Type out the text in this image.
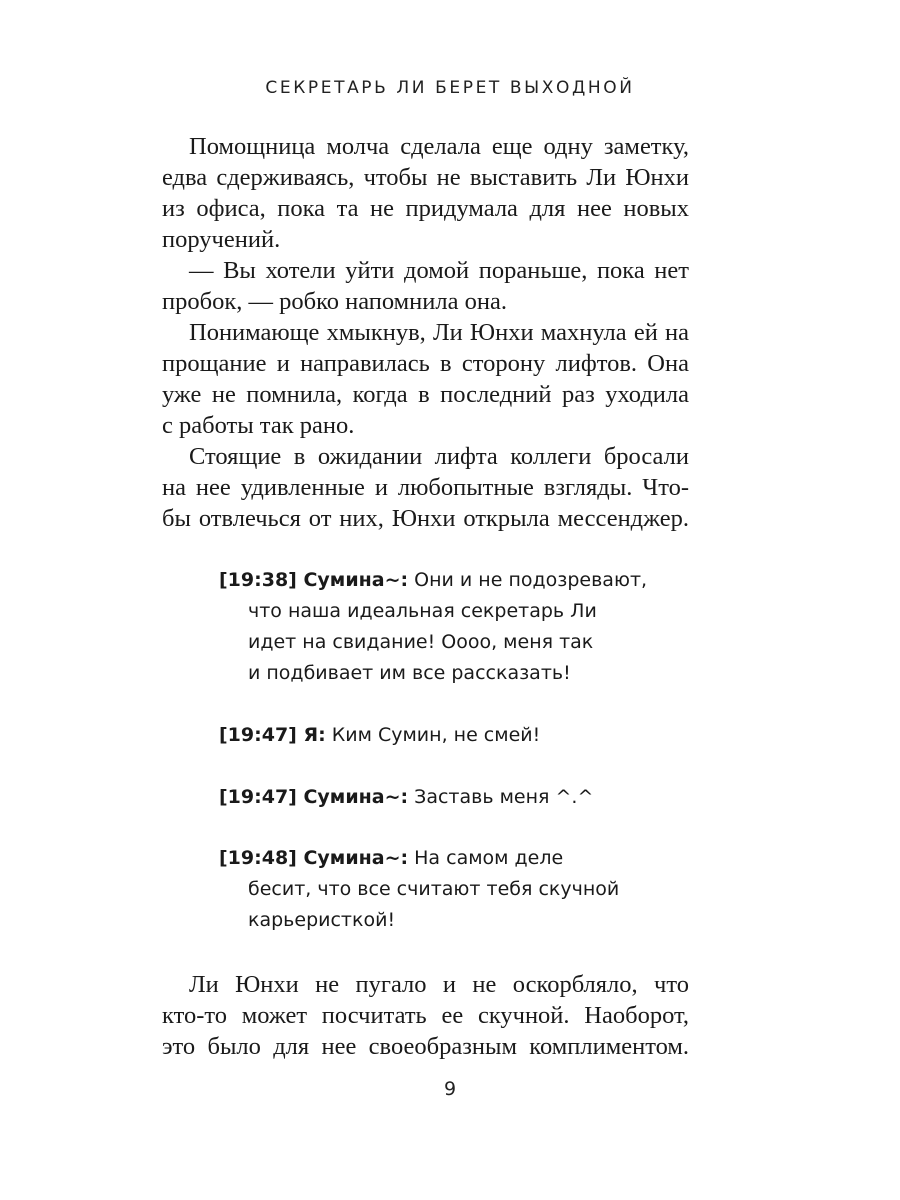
СЕКРЕТАРЬ ЛИ БЕРЕТ ВЫХОДНОЙ
Помощница молча сделала еще одну заметку,
едва сдерживаясь, чтобы не выставить Ли Юнхи
из офиса, пока та не придумала для нее новых
поручений.
— Вы хотели уйти домой пораньше, пока нет
пробок, — робко напомнила она.
Понимающе хмыкнув, Ли Юнхи махнула ей на
прощание и направилась в сторону лифтов. Она
уже не помнила, когда в последний раз уходила
с работы так рано.
Стоящие в ожидании лифта коллеги бросали
на нее удивленные и любопытные взгляды. Что-
бы отвлечься от них, Юнхи открыла мессенджер.
[19:38] Сумина~: Они и не подозревают,
что наша идеальная секретарь Ли
идет на свидание! Оооо, меня так
и подбивает им все рассказать!
[19:47] Я: Ким Сумин, не смей!
[19:47] Сумина~: Заставь меня ^.^
[19:48] Сумина~: На самом деле
бесит, что все считают тебя скучной
карьеристкой!
Ли Юнхи не пугало и не оскорбляло, что
кто-то может посчитать ее скучной. Наоборот,
это было для нее своеобразным комплиментом.
9
